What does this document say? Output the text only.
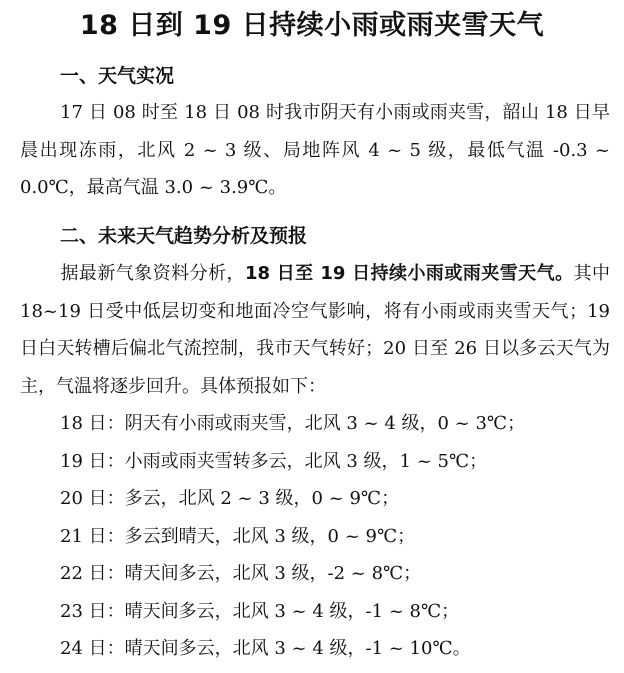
18 日到 19 日持续小雨或雨夹雪天气
一、天气实况
17 日 08 时至 18 日 08 时我市阴天有小雨或雨夹雪，韶山 18 日早晨出现冻雨，北风 2 ~ 3 级、局地阵风 4 ~ 5 级，最低气温 -0.3 ~ 0.0℃，最高气温 3.0 ~ 3.9℃。
二、未来天气趋势分析及预报
据最新气象资料分析，18 日至 19 日持续小雨或雨夹雪天气。其中 18~19 日受中低层切变和地面冷空气影响，将有小雨或雨夹雪天气；19 日白天转槽后偏北气流控制，我市天气转好；20 日至 26 日以多云天气为主，气温将逐步回升。具体预报如下：
18 日：阴天有小雨或雨夹雪，北风 3 ~ 4 级，0 ~ 3℃；
19 日：小雨或雨夹雪转多云，北风 3 级，1 ~ 5℃；
20 日：多云，北风 2 ~ 3 级，0 ~ 9℃；
21 日：多云到晴天，北风 3 级，0 ~ 9℃；
22 日：晴天间多云，北风 3 级，-2 ~ 8℃；
23 日：晴天间多云，北风 3 ~ 4 级，-1 ~ 8℃；
24 日：晴天间多云，北风 3 ~ 4 级，-1 ~ 10℃。
